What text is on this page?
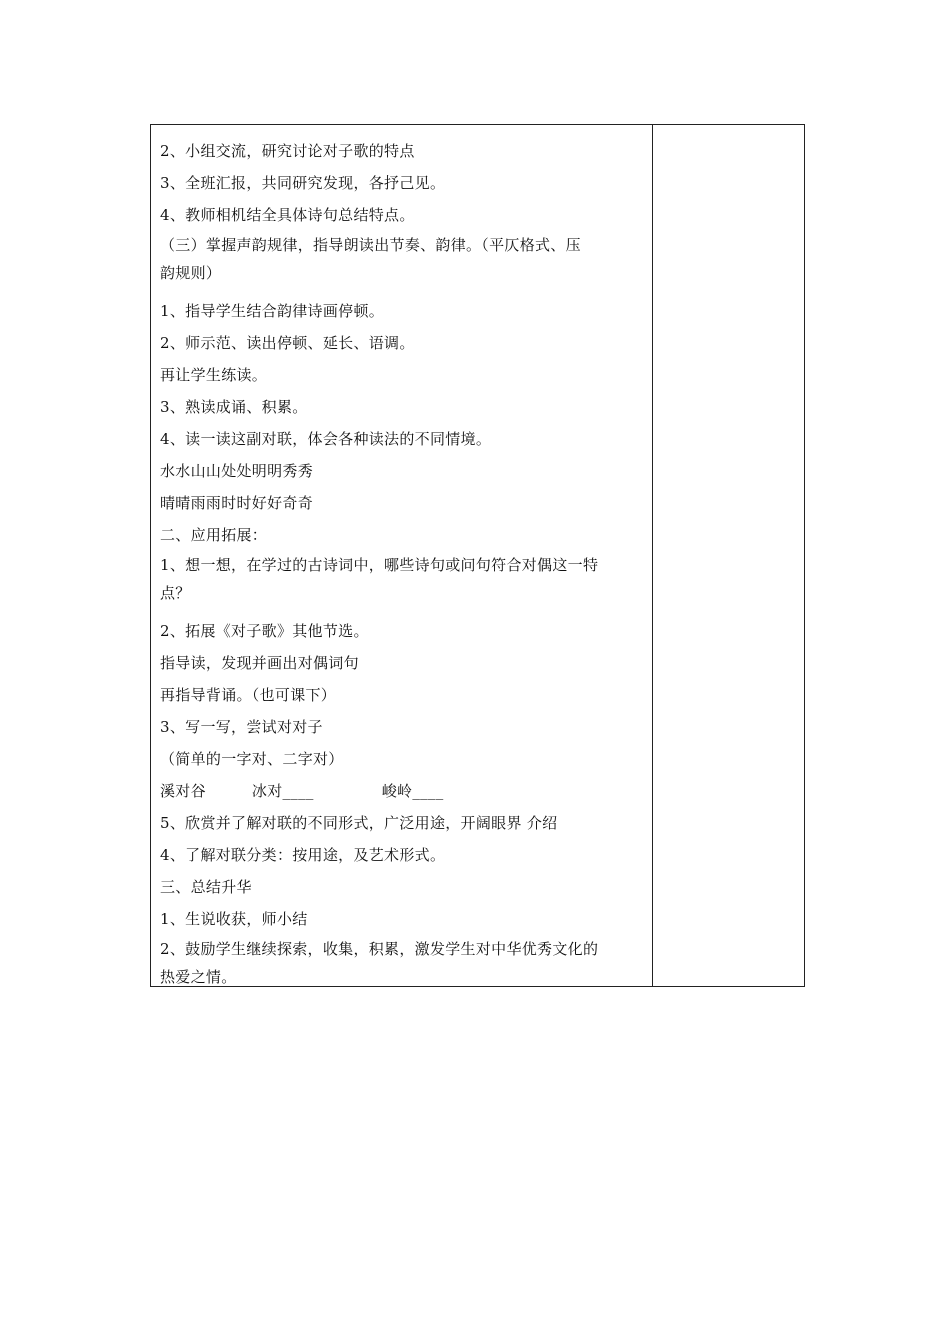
2、小组交流，研究讨论对子歌的特点
3、全班汇报，共同研究发现，各抒己见。
4、教师相机结全具体诗句总结特点。
（三）掌握声韵规律，指导朗读出节奏、韵律。（平仄格式、压
韵规则）
1、指导学生结合韵律诗画停顿。
2、师示范、读出停顿、延长、语调。
再让学生练读。
3、熟读成诵、积累。
4、读一读这副对联，体会各种读法的不同情境。
水水山山处处明明秀秀
晴晴雨雨时时好好奇奇
二、应用拓展：
1、想一想，在学过的古诗词中，哪些诗句或问句符合对偶这一特
点？
2、拓展《对子歌》其他节选。
指导读，发现并画出对偶词句
再指导背诵。（也可课下）
3、写一写，尝试对对子
（简单的一字对、二字对）
溪对谷	冰对____	峻岭____
5、欣赏并了解对联的不同形式，广泛用途，开阔眼界 介绍
4、了解对联分类：按用途，及艺术形式。
三、总结升华
1、生说收获，师小结
2、鼓励学生继续探索，收集，积累，激发学生对中华优秀文化的
热爱之情。
